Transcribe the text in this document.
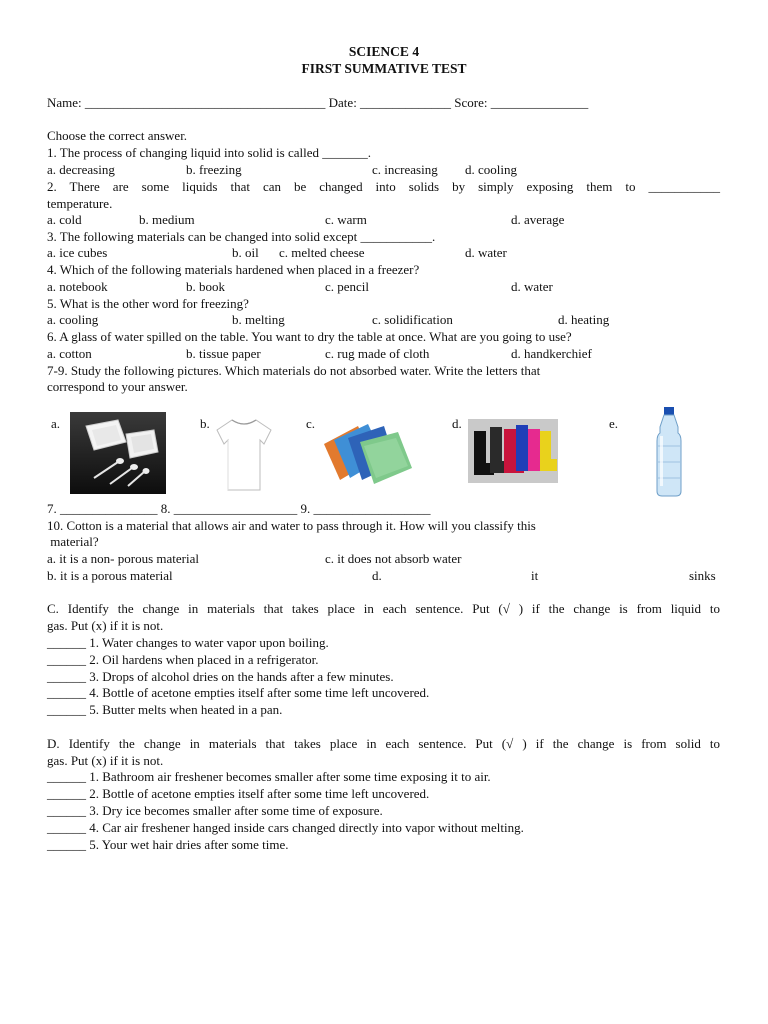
SCIENCE 4
FIRST SUMMATIVE TEST
Name: _____________________________________ Date: ______________ Score: _______________
Choose the correct answer.
1. The process of changing liquid into solid is called _______.
a. decreasing	b. freezing	c. increasing d. cooling
2. There are some liquids that can be changed into solids by simply exposing them to ___________
temperature.
a. cold	b. medium	c. warm	d. average
3. The following materials can be changed into solid except ___________.
a. ice cubes	b. oil c. melted cheese	d. water
4. Which of the following materials hardened when placed in a freezer?
a. notebook	b. book	c. pencil	d. water
5. What is the other word for freezing?
a. cooling	b. melting	c. solidification	d. heating
6. A glass of water spilled on the table. You want to dry the table at once. What are you going to use?
a. cotton	b. tissue paper	c. rug made of cloth	d. handkerchief
7-9. Study the following pictures. Which materials do not absorbed water. Write the letters that
correspond to your answer.
a.	b.	c.	d.	e.
7. _______________ 8. ___________________ 9. __________________
10. Cotton is a material that allows air and water to pass through it. How will you classify this
material?
a. it is a non- porous material	c. it does not absorb water
b. it is a porous material	d.	it	sinks
C. Identify the change in materials that takes place in each sentence. Put (√ ) if the change is from liquid to
gas. Put (x) if it is not.
______ 1. Water changes to water vapor upon boiling.
______ 2. Oil hardens when placed in a refrigerator.
______ 3. Drops of alcohol dries on the hands after a few minutes.
______ 4. Bottle of acetone empties itself after some time left uncovered.
______ 5. Butter melts when heated in a pan.
D. Identify the change in materials that takes place in each sentence. Put (√ ) if the change is from solid to
gas. Put (x) if it is not.
______ 1. Bathroom air freshener becomes smaller after some time exposing it to air.
______ 2. Bottle of acetone empties itself after some time left uncovered.
______ 3. Dry ice becomes smaller after some time of exposure.
______ 4. Car air freshener hanged inside cars changed directly into vapor without melting.
______ 5. Your wet hair dries after some time.
